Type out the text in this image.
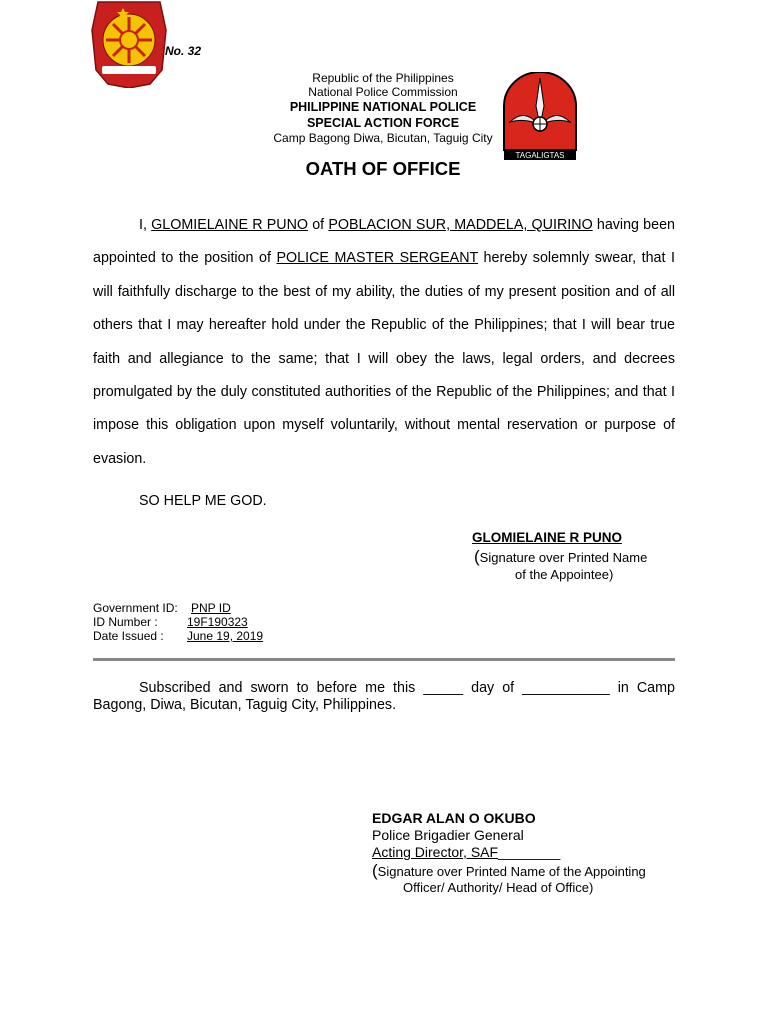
No. 32
Republic of the Philippines
National Police Commission
PHILIPPINE NATIONAL POLICE
SPECIAL ACTION FORCE
Camp Bagong Diwa, Bicutan, Taguig City
TAGALIGTAS
OATH OF OFFICE

I, GLOMIELAINE R PUNO of POBLACION SUR, MADDELA, QUIRINO having been appointed to the position of POLICE MASTER SERGEANT hereby solemnly swear, that I will faithfully discharge to the best of my ability, the duties of my present position and of all others that I may hereafter hold under the Republic of the Philippines; that I will bear true faith and allegiance to the same; that I will obey the laws, legal orders, and decrees promulgated by the duly constituted authorities of the Republic of the Philippines; and that I impose this obligation upon myself voluntarily, without mental reservation or purpose of evasion.

SO HELP ME GOD.
GLOMIELAINE R PUNO
(Signature over Printed Name
of the Appointee)
Government ID: PNP ID
ID Number : 19F190323
Date Issued : June 19, 2019
Subscribed and sworn to before me this _____ day of ___________ in Camp Bagong, Diwa, Bicutan, Taguig City, Philippines.
EDGAR ALAN O OKUBO
Police Brigadier General
Acting Director, SAF________
(Signature over Printed Name of the Appointing
Officer/ Authority/ Head of Office)
